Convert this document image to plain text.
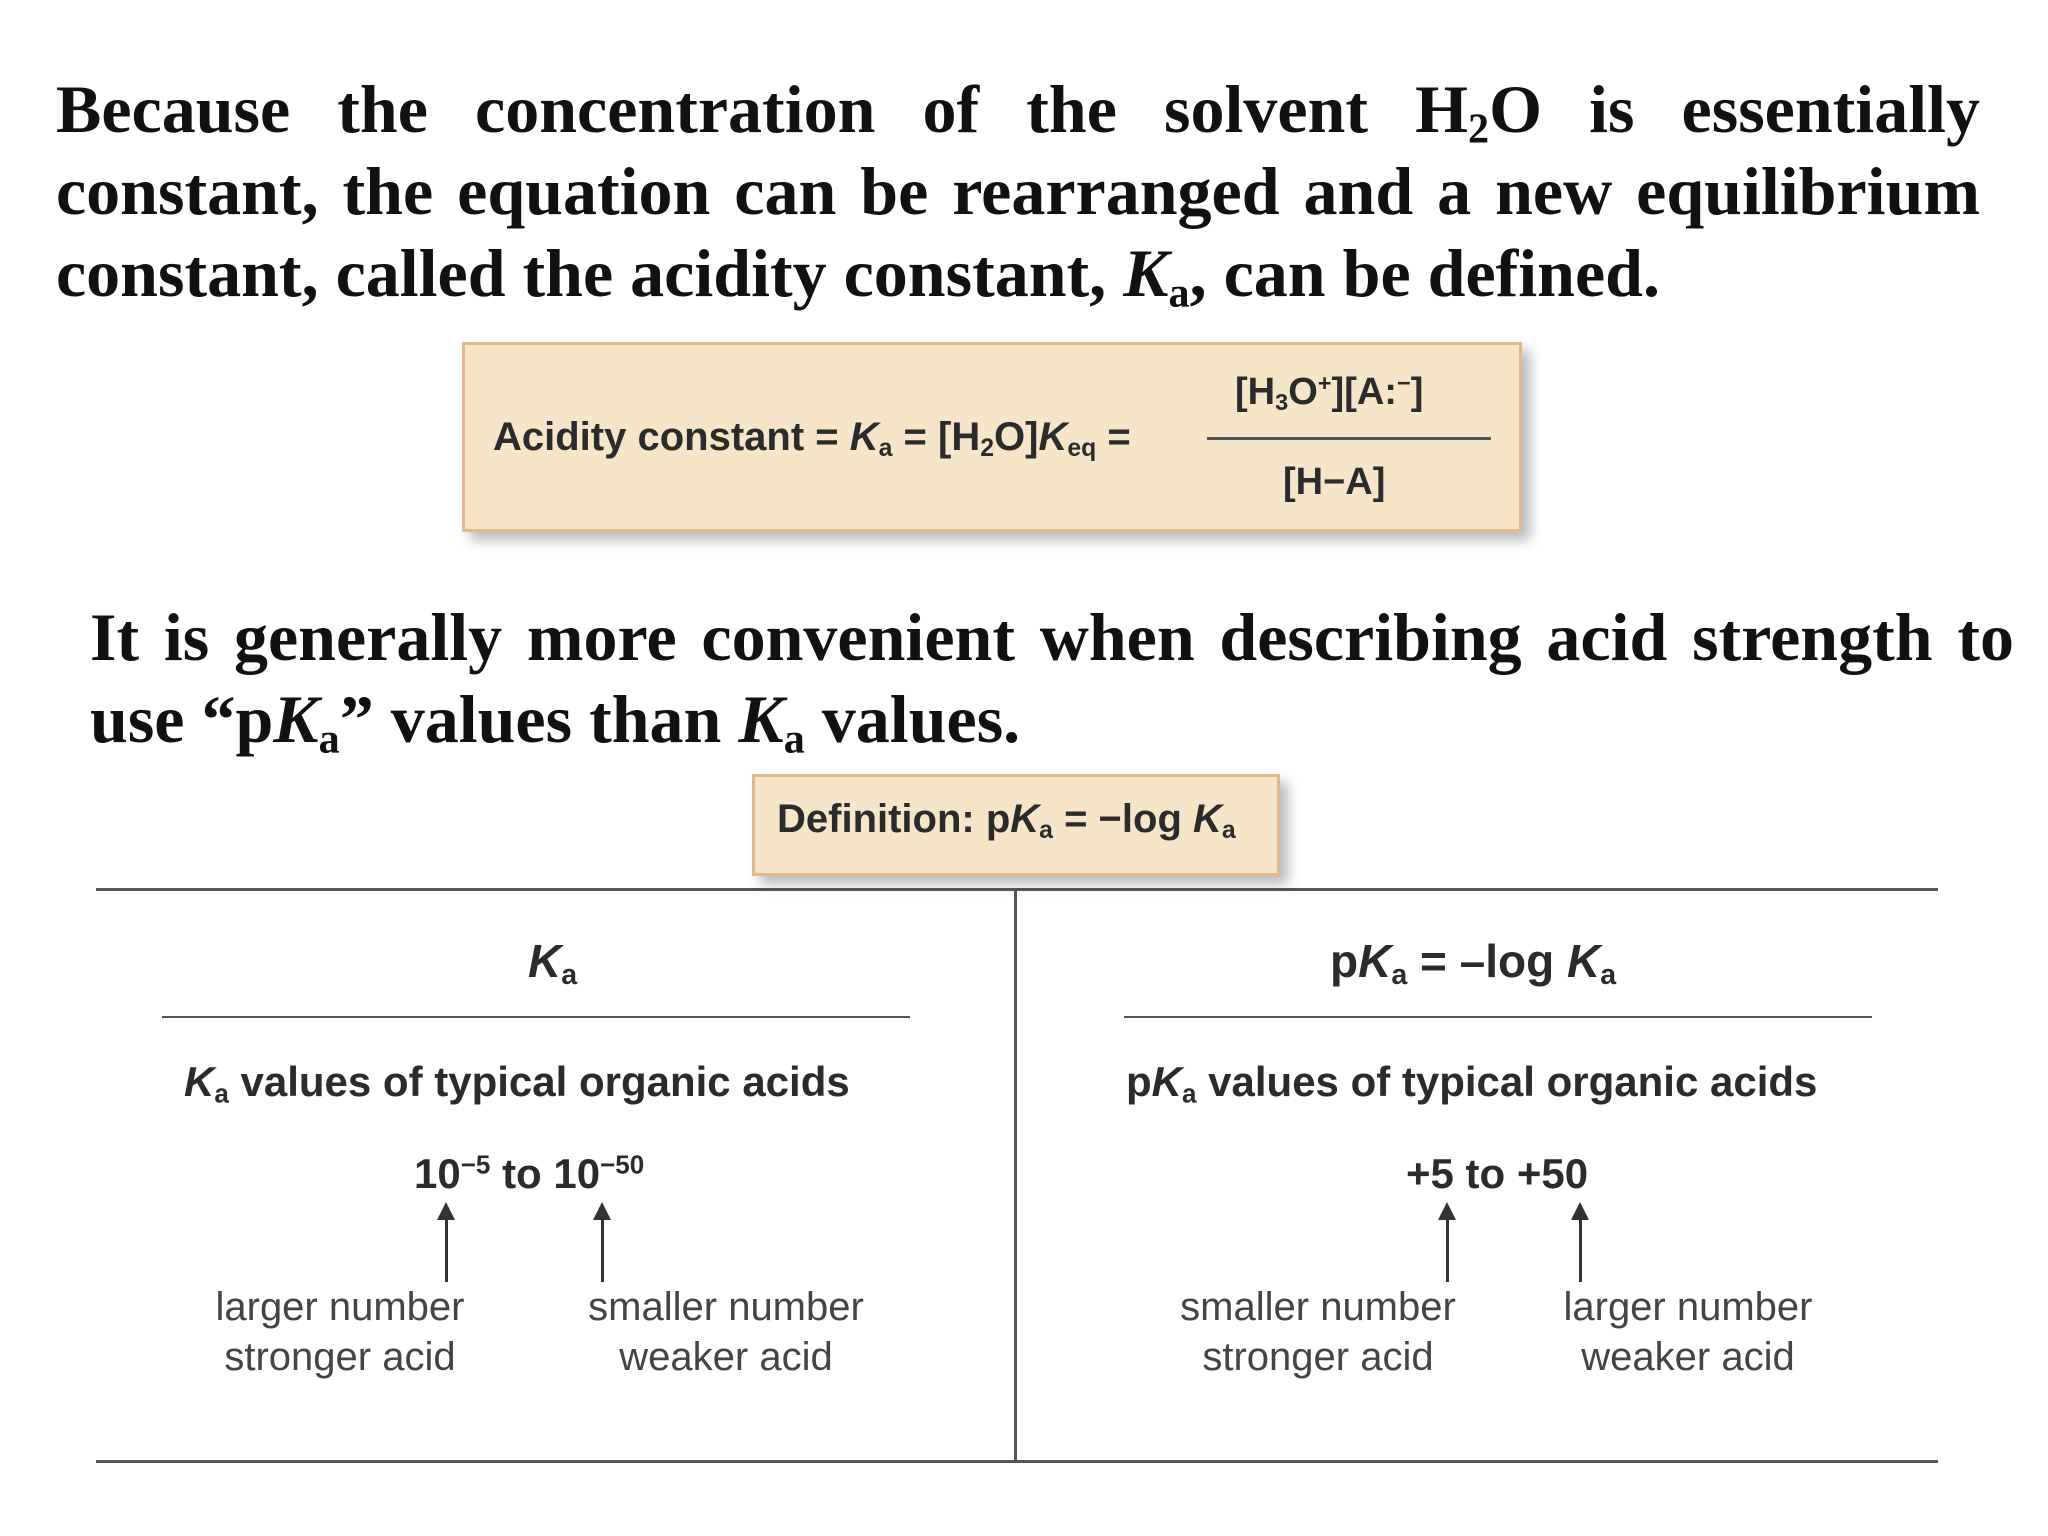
Because the concentration of the solvent $H_2O$ is essentially
constant, the equation can be rearranged and a new equilibrium
constant, called the acidity constant, $K_a$, can be defined.
Acidity constant = $K_a = [H_2O]K_{eq}$ =
$[H_3O^+][A:^-]$
[H−A]
It is generally more convenient when describing acid strength to
use “$pK_a$” values than $K_a$ values.
Definition: $pK_a = -\log$ $K_a$
$K_a$
$K_a$ values of typical organic acids
$10^{-5}$ to $10^{-50}$
larger number
stronger acid
smaller number
weaker acid
$pK_a = -\log$ $K_a$
$pK_a$ values of typical organic acids
+5 to +50
smaller number
stronger acid
larger number
weaker acid
